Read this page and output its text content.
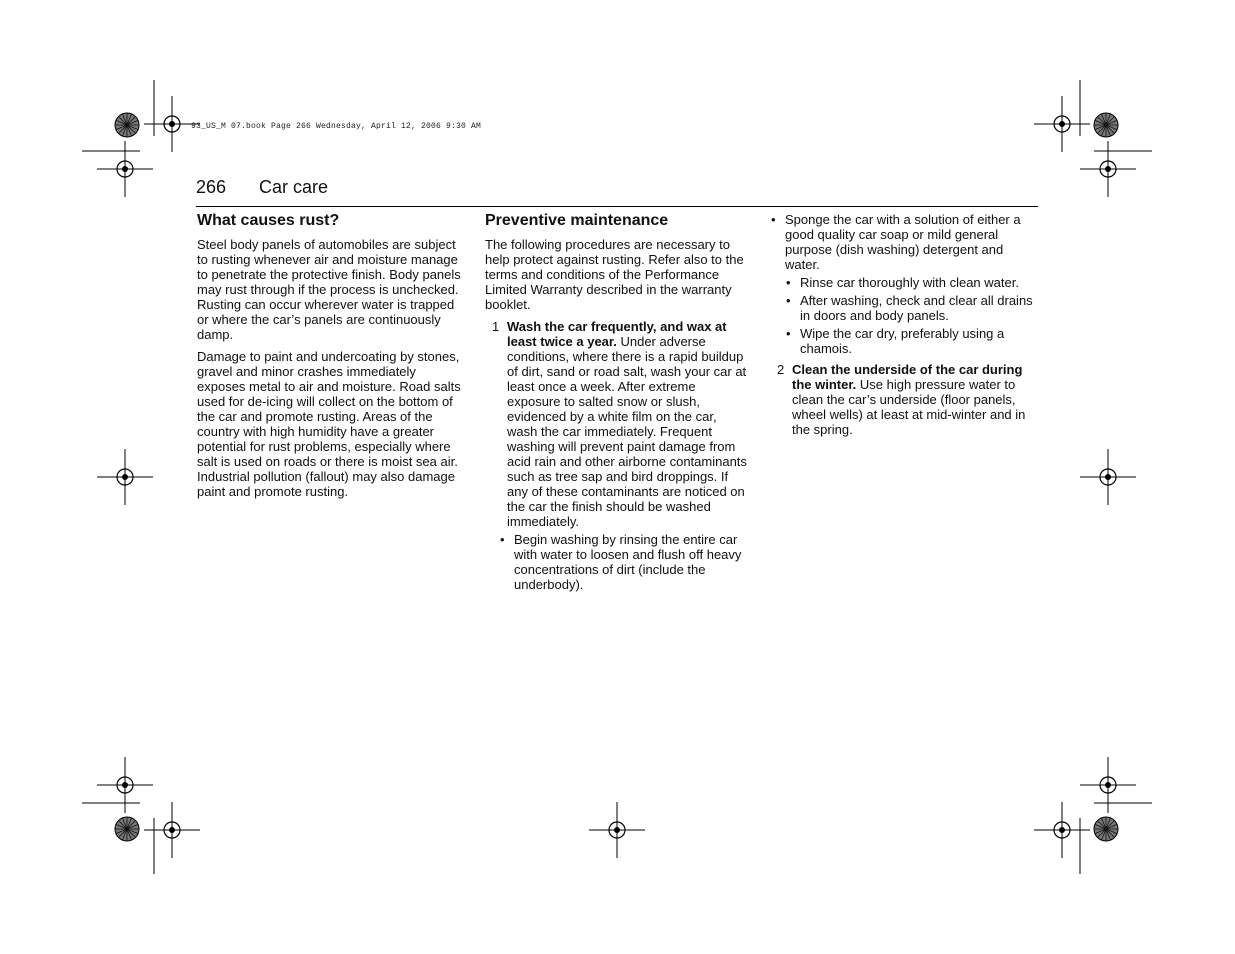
93_US_M 07.book Page 266 Wednesday, April 12, 2006 9:30 AM
266 Car care
What causes rust?

Steel body panels of automobiles are subject to rusting whenever air and moisture manage to penetrate the protective finish. Body panels may rust through if the process is unchecked. Rusting can occur wherever water is trapped or where the car’s panels are continuously damp.

Damage to paint and undercoating by stones, gravel and minor crashes immediately exposes metal to air and moisture. Road salts used for de-icing will collect on the bottom of the car and promote rusting. Areas of the country with high humidity have a greater potential for rust problems, especially where salt is used on roads or there is moist sea air. Industrial pollution (fallout) may also damage paint and promote rusting.

Preventive maintenance

The following procedures are necessary to help protect against rusting. Refer also to the terms and conditions of the Performance Limited Warranty described in the warranty booklet.

1 Wash the car frequently, and wax at least twice a year. Under adverse conditions, where there is a rapid buildup of dirt, sand or road salt, wash your car at least once a week. After extreme exposure to salted snow or slush, evidenced by a white film on the car, wash the car immediately. Frequent washing will prevent paint damage from acid rain and other airborne contaminants such as tree sap and bird droppings. If any of these contaminants are noticed on the car the finish should be washed immediately.
• Begin washing by rinsing the entire car with water to loosen and flush off heavy concentrations of dirt (include the underbody).
• Sponge the car with a solution of either a good quality car soap or mild general purpose (dish washing) detergent and water.
• Rinse car thoroughly with clean water.
• After washing, check and clear all drains in doors and body panels.
• Wipe the car dry, preferably using a chamois.
2 Clean the underside of the car during the winter. Use high pressure water to clean the car’s underside (floor panels, wheel wells) at least at mid-winter and in the spring.
